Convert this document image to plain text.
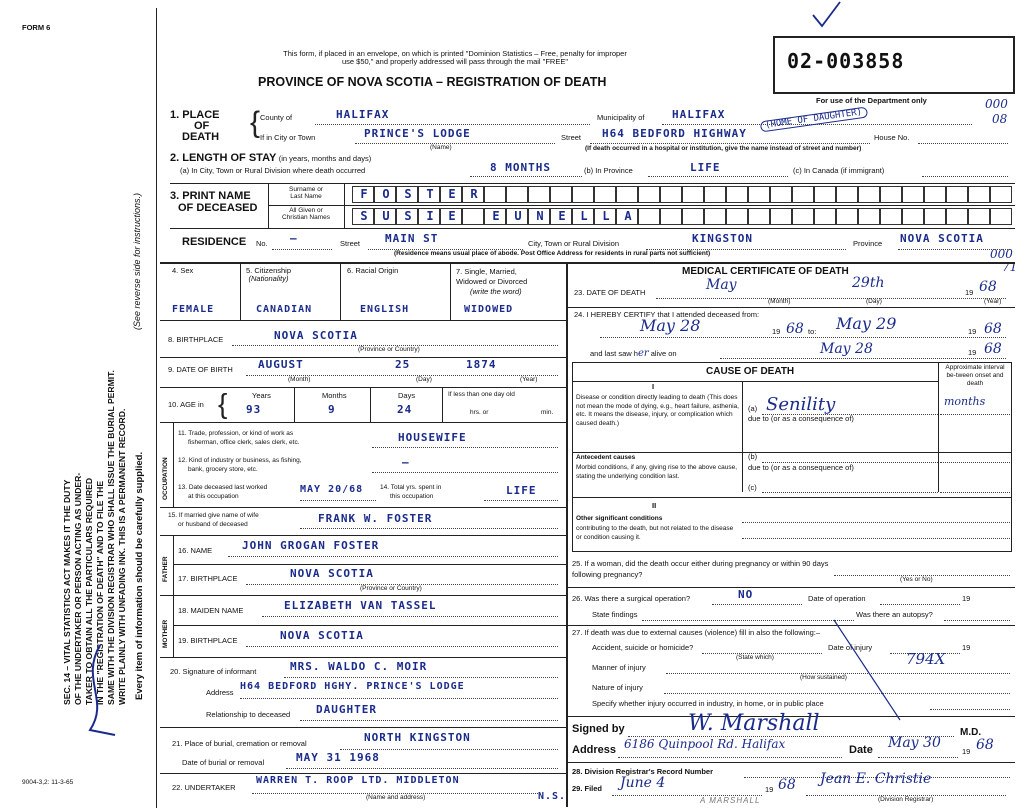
FORM 6
9004-3,2: 11-3-65
SEC. 14 – VITAL STATISTICS ACT MAKES IT THE DUTY OF THE UNDERTAKER OR PERSON ACTING AS UNDER- TAKER TO OBTAIN ALL THE PARTICULARS REQUIRED IN THE "REGISTRATION OF DEATH" AND TO FILE THE SAME WITH THE DIVISION REGISTRAR WHO SHALL ISSUE THE BURIAL PERMIT. WRITE PLAINLY WITH UNFADING INK. THIS IS A PERMANENT RECORD. Every item of information should be carefully supplied.
(See reverse side for instructions.)
This form, if placed in an envelope, on which is printed "Dominion Statistics – Free, penalty for improper
use $50," and properly addressed will pass through the mail "FREE"
PROVINCE OF NOVA SCOTIA – REGISTRATION OF DEATH
02-003858
For use of the Department only	000
08
000
71
1. PLACE
OF
DEATH { County of	HALIFAX	Municipality of HALIFAX
If in City or Town	PRINCE'S LODGE
(Name)
Street H64 BEDFORD HIGHWAY
(HOME OF DAUGHTER)
House No.
(If death occurred in a hospital or institution, give the name instead of street and number)
2. LENGTH OF STAY (in years, months and days)
(a) In City, Town or Rural Division where death occurred	8 MONTHS	(b) In Province	LIFE	(c) In Canada (if immigrant)
3. PRINT NAME
OF DECEASED
Surname or
Last Name
All Given or
Christian Names
F	O	S	T	E	R
S	U	S	I	E	E	U	N	E	L	L	A
RESIDENCE No. —	Street MAIN ST	City, Town or Rural Division	KINGSTON	Province NOVA SCOTIA
(Residence means usual place of abode. Post Office Address for residents in rural parts not sufficient)
4. Sex
FEMALE
5. Citizenship
(Nationality)
CANADIAN
6. Racial Origin
ENGLISH
7. Single, Married,
Widowed or Divorced
(write the word)
WIDOWED
8. BIRTHPLACE	NOVA SCOTIA
(Province or Country)
9. DATE OF BIRTH AUGUST	25	1874
(Month)	(Day)	(Year)
10. AGE in {	Years	Months	Days
93	9	24
If less than one day old
hrs. or	min.
OCCUPATION
11. Trade, profession, or kind of work as
fisherman, office clerk, sales clerk, etc.	HOUSEWIFE
12. Kind of industry or business, as fishing,
bank, grocery store, etc.
—
13. Date deceased last worked
at this occupation
MAY 20/68	14. Total yrs. spent in
this occupation	LIFE
15. If married give name of wife
or husband of deceased	FRANK W. FOSTER
FATHER
16. NAME	JOHN GROGAN FOSTER
17. BIRTHPLACE	NOVA SCOTIA
(Province or Country)
MOTHER
18. MAIDEN NAME	ELIZABETH VAN TASSEL
19. BIRTHPLACE	NOVA SCOTIA
20. Signature of informant	MRS. WALDO C. MOIR
Address
H64 BEDFORD HGHY. PRINCE'S LODGE
Relationship to deceased DAUGHTER
21. Place of burial, cremation or removal	NORTH KINGSTON
Date of burial or removal	MAY 31 1968
22. UNDERTAKER
WARREN T. ROOP LTD. MIDDLETON
N.S.
(Name and address)
MEDICAL CERTIFICATE OF DEATH
23. DATE OF DEATH	May	29th
19 68
(Month)	(Day)	(Year)
24. I HEREBY CERTIFY that I attended deceased from:
May 28	19 68 to: May 29	19 68
and last saw her alive on	May 28	19 68
CAUSE OF DEATH	Approximate interval be-tween onset and death
I
Disease or condition directly leading to death (This does not mean the mode of dying, e.g., heart failure, asthenia, etc. It means the disease, injury, or complication which caused death.)
(a) Senility	months
due to (or as a consequence of)
Antecedent causes
Morbid conditions, if any, giving rise to the above cause, stating the underlying condition last.
(b)
due to (or as a consequence of)
(c)
II
Other significant conditions
contributing to the death, but not related to the disease or condition causing it.
25. If a woman, did the death occur either during pregnancy or within 90 days following pregnancy?
(Yes or No)
26. Was there a surgical operation?	NO	Date of operation	19
State findings	Was there an autopsy?
27. If death was due to external causes (violence) fill in also the following:–
Accident, suicide or homicide?
(State which)
Date of injury	19
Manner of injury	794X
(How sustained)
Nature of injury
Specify whether injury occurred in industry, in home, or in public place
Signed by	W. Marshall	M.D.
Address 6186 Quinpool Rd. Halifax	Date May 30
19 68
28. Division Registrar's Record Number
29. Filed June 4	19 68 Jean E. Christie
(Division Registrar)
A MARSHALL
